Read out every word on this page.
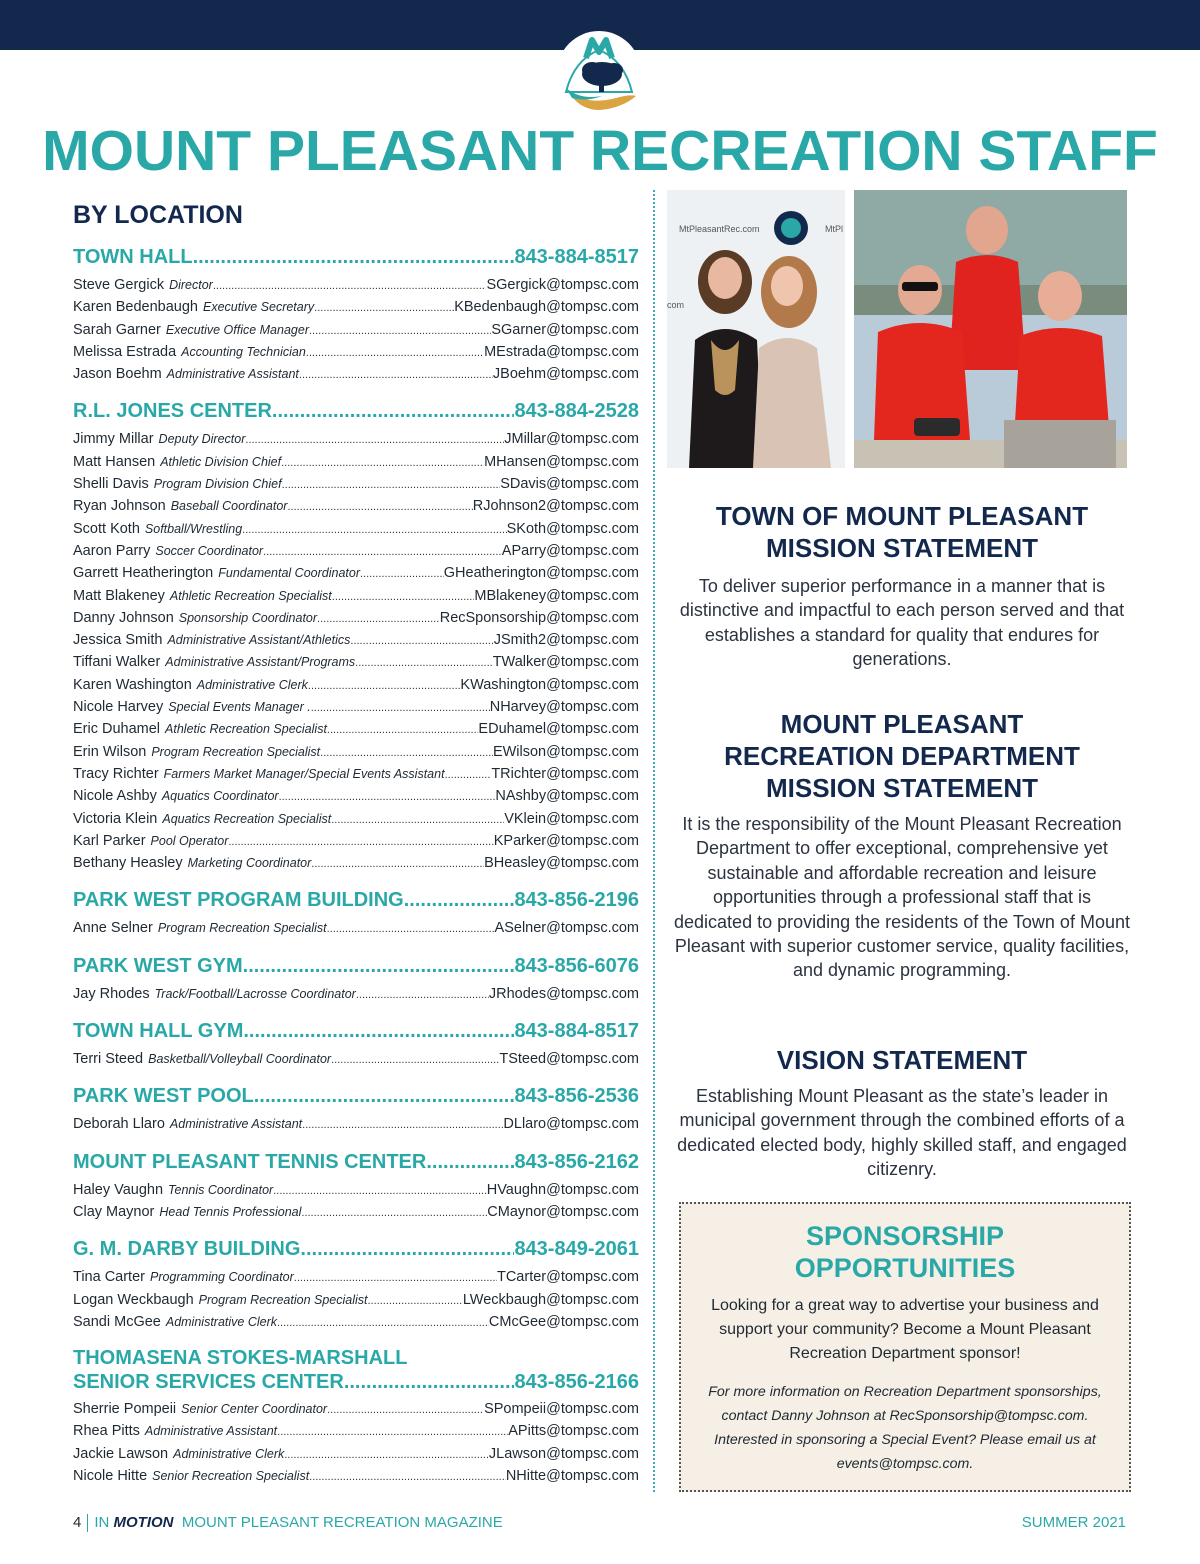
MOUNT PLEASANT RECREATION STAFF
BY LOCATION
TOWN HALL .....	843-884-8517
Steve Gergick Director .....	SGergick@tompsc.com
Karen Bedenbaugh Executive Secretary .....	KBedenbaugh@tompsc.com
Sarah Garner Executive Office Manager .....	SGarner@tompsc.com
Melissa Estrada Accounting Technician .....	MEstrada@tompsc.com
Jason Boehm Administrative Assistant .....	JBoehm@tompsc.com
R.L. JONES CENTER .....	843-884-2528
Jimmy Millar Deputy Director .....	JMillar@tompsc.com
Matt Hansen Athletic Division Chief .....	MHansen@tompsc.com
Shelli Davis Program Division Chief .....	SDavis@tompsc.com
Ryan Johnson Baseball Coordinator .....	RJohnson2@tompsc.com
Scott Koth Softball/Wrestling .....	SKoth@tompsc.com
Aaron Parry Soccer Coordinator .....	AParry@tompsc.com
Garrett Heatherington Fundamental Coordinator .....	GHeatherington@tompsc.com
Matt Blakeney Athletic Recreation Specialist .....	MBlakeney@tompsc.com
Danny Johnson Sponsorship Coordinator .....	RecSponsorship@tompsc.com
Jessica Smith Administrative Assistant/Athletics .....	JSmith2@tompsc.com
Tiffani Walker Administrative Assistant/Programs .....	TWalker@tompsc.com
Karen Washington Administrative Clerk .....	KWashington@tompsc.com
Nicole Harvey Special Events Manager . .....	NHarvey@tompsc.com
Eric Duhamel Athletic Recreation Specialist .....	EDuhamel@tompsc.com
Erin Wilson Program Recreation Specialist .....	EWilson@tompsc.com
Tracy Richter Farmers Market Manager/Special Events Assistant .....	TRichter@tompsc.com
Nicole Ashby Aquatics Coordinator .....	NAshby@tompsc.com
Victoria Klein Aquatics Recreation Specialist .....	VKlein@tompsc.com
Karl Parker Pool Operator .....	KParker@tompsc.com
Bethany Heasley Marketing Coordinator .....	BHeasley@tompsc.com
PARK WEST PROGRAM BUILDING .....	843-856-2196
Anne Selner Program Recreation Specialist .....	ASelner@tompsc.com
PARK WEST GYM .....	843-856-6076
Jay Rhodes Track/Football/Lacrosse Coordinator .....	JRhodes@tompsc.com
TOWN HALL GYM .....	843-884-8517
Terri Steed Basketball/Volleyball Coordinator .....	TSteed@tompsc.com
PARK WEST POOL .....	843-856-2536
Deborah Llaro Administrative Assistant .....	DLlaro@tompsc.com
MOUNT PLEASANT TENNIS CENTER .....	843-856-2162
Haley Vaughn Tennis Coordinator .....	HVaughn@tompsc.com
Clay Maynor Head Tennis Professional .....	CMaynor@tompsc.com
G. M. DARBY BUILDING .....	843-849-2061
Tina Carter Programming Coordinator .....	TCarter@tompsc.com
Logan Weckbaugh Program Recreation Specialist .....	LWeckbaugh@tompsc.com
Sandi McGee Administrative Clerk .....	CMcGee@tompsc.com
THOMASENA STOKES-MARSHALL
SENIOR SERVICES CENTER .....	843-856-2166
Sherrie Pompeii Senior Center Coordinator .....	SPompeii@tompsc.com
Rhea Pitts Administrative Assistant .....	APitts@tompsc.com
Jackie Lawson Administrative Clerk .....	JLawson@tompsc.com
Nicole Hitte Senior Recreation Specialist .....	NHitte@tompsc.com
MtPleasantRec.com	MtPl
com
TOWN OF MOUNT PLEASANT
MISSION STATEMENT
To deliver superior performance in a manner that is distinctive and impactful to each person served and that establishes a standard for quality that endures for generations.
MOUNT PLEASANT
RECREATION DEPARTMENT
MISSION STATEMENT
It is the responsibility of the Mount Pleasant Recreation Department to offer exceptional, comprehensive yet sustainable and affordable recreation and leisure opportunities through a professional staff that is dedicated to providing the residents of the Town of Mount Pleasant with superior customer service, quality facilities, and dynamic programming.
VISION STATEMENT
Establishing Mount Pleasant as the state’s leader in municipal government through the combined efforts of a dedicated elected body, highly skilled staff, and engaged citizenry.
SPONSORSHIP
OPPORTUNITIES
Looking for a great way to advertise your business and support your community? Become a Mount Pleasant Recreation Department sponsor!
For more information on Recreation Department sponsorships, contact Danny Johnson at RecSponsorship@tompsc.com. Interested in sponsoring a Special Event? Please email us at events@tompsc.com.
4 IN MOTION MOUNT PLEASANT RECREATION MAGAZINE	SUMMER 2021
